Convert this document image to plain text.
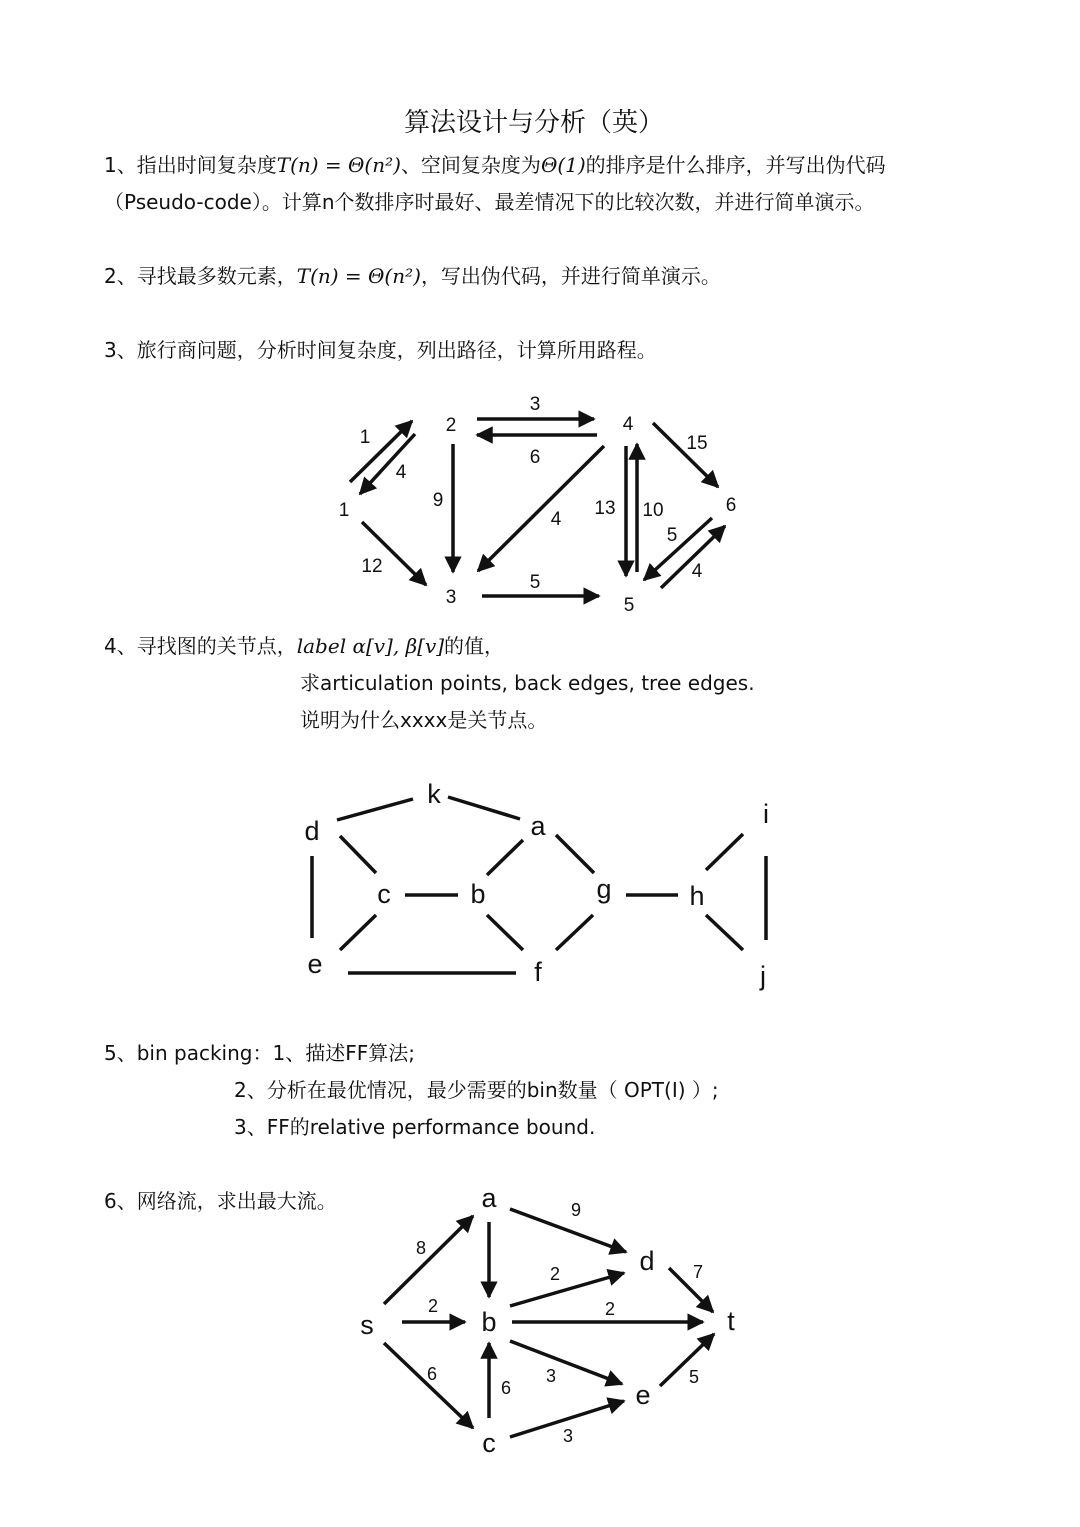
算法设计与分析（英）
1、指出时间复杂度T(n) = Θ(n²)、空间复杂度为Θ(1)的排序是什么排序，并写出伪代码
（Pseudo-code）。计算n个数排序时最好、最差情况下的比较次数，并进行简单演示。
2、寻找最多数元素，T(n) = Θ(n²)，写出伪代码，并进行简单演示。
3、旅行商问题，分析时间复杂度，列出路径，计算所用路程。
1
4
12
9
3
6
4
5
13 10
15
5
4
1
2
3
4
5
6
4、寻找图的关节点，label α[v], β[v]的值，
求articulation points, back edges, tree edges.
说明为什么xxxx是关节点。
k
d	a
c	b	g	h
i
j
e	f
5、bin packing：1、描述FF算法;
2、分析在最优情况，最少需要的bin数量（ OPT(I) ）;
3、FF的relative performance bound.
6、网络流，求出最大流。
8
2
6
9
2
2
3
6
3
7
5
s
a
b
c
d
e
t
